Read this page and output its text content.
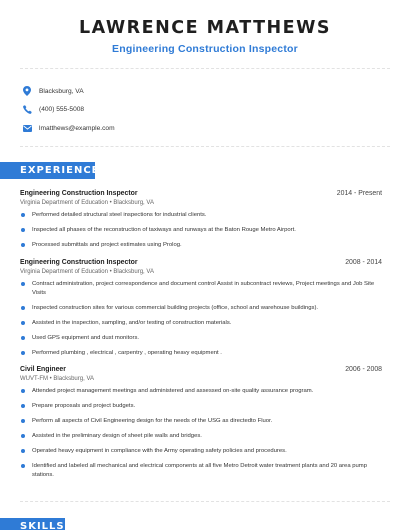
LAWRENCE MATTHEWS
Engineering Construction Inspector
Blacksburg, VA
(400) 555-5008
lmatthews@example.com
EXPERIENCE
Engineering Construction Inspector	2014 - Present
Virginia Department of Education • Blacksburg, VA
Performed detailed structural steel inspections for industrial clients.
Inspected all phases of the reconstruction of taxiways and runways at the Baton Rouge Metro Airport.
Processed submittals and project estimates using Prolog.
Engineering Construction Inspector	2008 - 2014
Virginia Department of Education • Blacksburg, VA
Contract administration, project correspondence and document control Assist in subcontract reviews, Project meetings and Job Site Visits
Inspected construction sites for various commercial building projects (office, school and warehouse buildings).
Assisted in the inspection, sampling, and/or testing of construction materials.
Used GPS equipment and dust monitors.
Performed plumbing , electrical , carpentry , operating heavy equipment .
Civil Engineer	2006 - 2008
WUVT-FM • Blacksburg, VA
Attended project management meetings and administered and assessed on-site quality assurance program.
Prepare proposals and project budgets.
Perform all aspects of Civil Engineering design for the needs of the USG as directedto Fluor.
Assisted in the preliminary design of sheet pile walls and bridges.
Operated heavy equipment in compliance with the Army operating safety policies and procedures.
Identified and labeled all mechanical and electrical components at all five Metro Detroit water treatment plants and 20 area pump stations.
SKILLS
